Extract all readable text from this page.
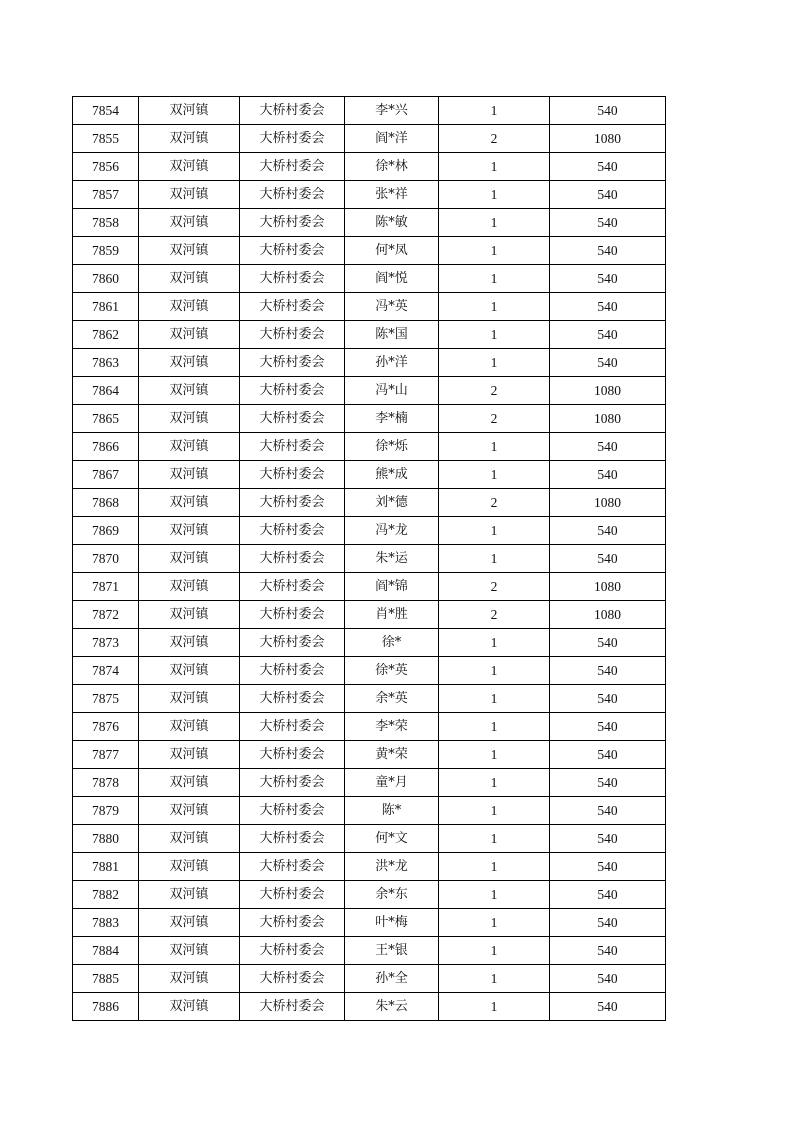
7854	双河镇	大桥村委会	李*兴	1	540
7855	双河镇	大桥村委会	阎*洋	2	1080
7856	双河镇	大桥村委会	徐*林	1	540
7857	双河镇	大桥村委会	张*祥	1	540
7858	双河镇	大桥村委会	陈*敏	1	540
7859	双河镇	大桥村委会	何*凤	1	540
7860	双河镇	大桥村委会	阎*悦	1	540
7861	双河镇	大桥村委会	冯*英	1	540
7862	双河镇	大桥村委会	陈*国	1	540
7863	双河镇	大桥村委会	孙*洋	1	540
7864	双河镇	大桥村委会	冯*山	2	1080
7865	双河镇	大桥村委会	李*楠	2	1080
7866	双河镇	大桥村委会	徐*烁	1	540
7867	双河镇	大桥村委会	熊*成	1	540
7868	双河镇	大桥村委会	刘*德	2	1080
7869	双河镇	大桥村委会	冯*龙	1	540
7870	双河镇	大桥村委会	朱*运	1	540
7871	双河镇	大桥村委会	阎*锦	2	1080
7872	双河镇	大桥村委会	肖*胜	2	1080
7873	双河镇	大桥村委会	徐*	1	540
7874	双河镇	大桥村委会	徐*英	1	540
7875	双河镇	大桥村委会	余*英	1	540
7876	双河镇	大桥村委会	李*荣	1	540
7877	双河镇	大桥村委会	黄*荣	1	540
7878	双河镇	大桥村委会	童*月	1	540
7879	双河镇	大桥村委会	陈*	1	540
7880	双河镇	大桥村委会	何*文	1	540
7881	双河镇	大桥村委会	洪*龙	1	540
7882	双河镇	大桥村委会	余*东	1	540
7883	双河镇	大桥村委会	叶*梅	1	540
7884	双河镇	大桥村委会	王*银	1	540
7885	双河镇	大桥村委会	孙*全	1	540
7886	双河镇	大桥村委会	朱*云	1	540
